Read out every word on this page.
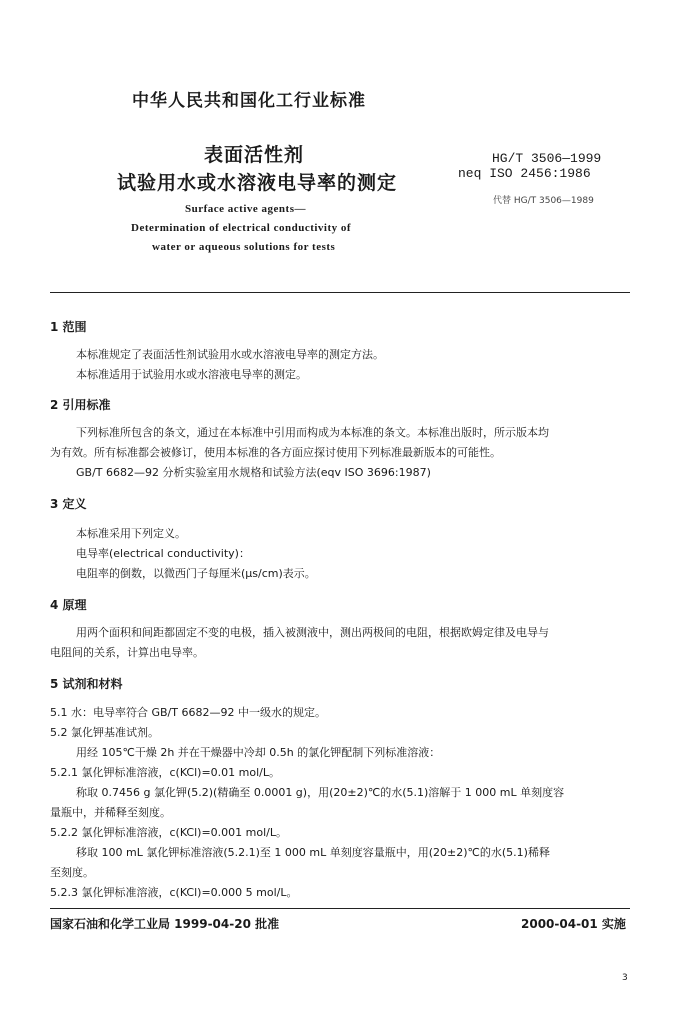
中华人民共和国化工行业标准
表面活性剂
试验用水或水溶液电导率的测定
Surface active agents—
Determination of electrical conductivity of
water or aqueous solutions for tests
HG/T 3506—1999
neq ISO 2456:1986
代替 HG/T 3506—1989
1 范围
本标准规定了表面活性剂试验用水或水溶液电导率的测定方法。
本标准适用于试验用水或水溶液电导率的测定。
2 引用标准
下列标准所包含的条文，通过在本标准中引用而构成为本标准的条文。本标准出版时，所示版本均
为有效。所有标准都会被修订，使用本标准的各方面应探讨使用下列标准最新版本的可能性。
GB/T 6682—92 分析实验室用水规格和试验方法(eqv ISO 3696:1987)
3 定义
本标准采用下列定义。
电导率(electrical conductivity)：
电阻率的倒数，以微西门子每厘米(μs/cm)表示。
4 原理
用两个面积和间距都固定不变的电极，插入被测液中，测出两极间的电阻，根据欧姆定律及电导与
电阻间的关系，计算出电导率。
5 试剂和材料
5.1 水：电导率符合 GB/T 6682—92 中一级水的规定。
5.2 氯化钾基准试剂。
用经 105℃干燥 2h 并在干燥器中冷却 0.5h 的氯化钾配制下列标准溶液：
5.2.1 氯化钾标准溶液，c(KCl)=0.01 mol/L。
称取 0.7456 g 氯化钾(5.2)(精确至 0.0001 g)，用(20±2)℃的水(5.1)溶解于 1 000 mL 单刻度容
量瓶中，并稀释至刻度。
5.2.2 氯化钾标准溶液，c(KCl)=0.001 mol/L。
移取 100 mL 氯化钾标准溶液(5.2.1)至 1 000 mL 单刻度容量瓶中，用(20±2)℃的水(5.1)稀释
至刻度。
5.2.3 氯化钾标准溶液，c(KCl)=0.000 5 mol/L。
国家石油和化学工业局 1999-04-20 批准	2000-04-01 实施
3
